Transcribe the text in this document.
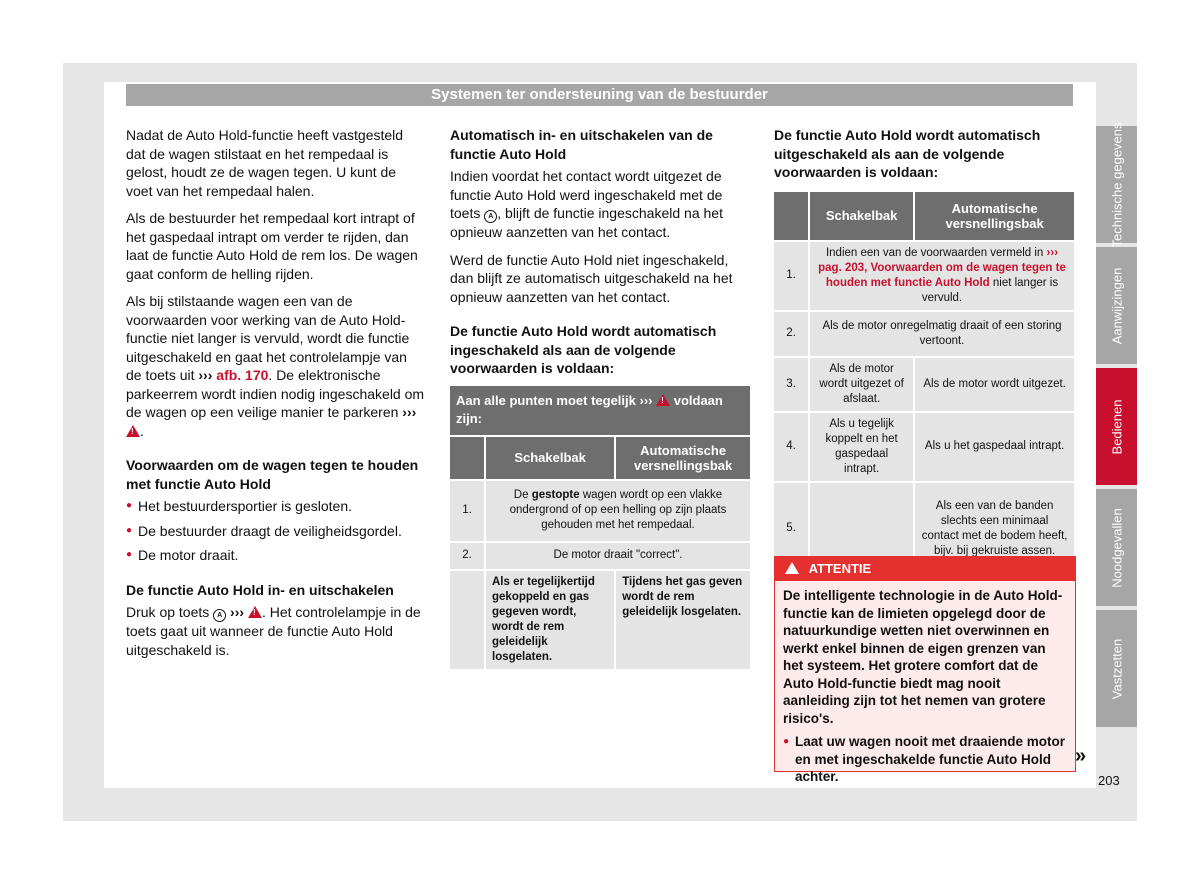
Systemen ter ondersteuning van de bestuurder

Nadat de Auto Hold-functie heeft vastgesteld dat de wagen stilstaat en het rempedaal is gelost, houdt ze de wagen tegen. U kunt de voet van het rempedaal halen.

Als de bestuurder het rempedaal kort intrapt of het gaspedaal intrapt om verder te rijden, dan laat de functie Auto Hold de rem los. De wagen gaat conform de helling rijden.

Als bij stilstaande wagen een van de voorwaarden voor werking van de Auto Hold-functie niet langer is vervuld, wordt die functie uitgeschakeld en gaat het controlelampje van de toets uit ››› afb. 170. De elektronische parkeerrem wordt indien nodig ingeschakeld om de wagen op een veilige manier te parkeren ››› !.

Voorwaarden om de wagen tegen te houden met functie Auto Hold
● Het bestuurdersportier is gesloten.
● De bestuurder draagt de veiligheidsgordel.
● De motor draait.
De functie Auto Hold in- en uitschakelen

Druk op toets A ››› ! . Het controlelampje in de toets gaat uit wanneer de functie Auto Hold uitgeschakeld is.

Automatisch in- en uitschakelen van de functie Auto Hold

Indien voordat het contact wordt uitgezet de functie Auto Hold werd ingeschakeld met de toets A , blijft de functie ingeschakeld na het opnieuw aanzetten van het contact.

Werd de functie Auto Hold niet ingeschakeld, dan blijft ze automatisch uitgeschakeld na het opnieuw aanzetten van het contact.

De functie Auto Hold wordt automatisch ingeschakeld als aan de volgende voorwaarden is voldaan:
Aan alle punten moet tegelijk ››› ! voldaan zijn:
	Schakelbak	Automatische versnellingsbak
1.	De gestopte wagen wordt op een vlakke ondergrond of op een helling op zijn plaats gehouden met het rempedaal.	
2.	De motor draait "correct".	
	Als er tegelijkertijd gekoppeld en gas gegeven wordt, wordt de rem geleidelijk losgelaten.	Tijdens het gas geven wordt de rem geleidelijk losgelaten.
De functie Auto Hold wordt automatisch uitgeschakeld als aan de volgende voorwaarden is voldaan:
	Schakelbak	Automatische versnellingsbak
1.	Indien een van de voorwaarden vermeld in ››› pag. 203, Voorwaarden om de wagen tegen te houden met functie Auto Hold niet langer is vervuld.	
2.	Als de motor onregelmatig draait of een storing vertoont.	
3.	Als de motor wordt uitgezet of afslaat.	Als de motor wordt uitgezet.
4.	Als u tegelijk koppelt en het gaspedaal intrapt.	Als u het gaspedaal intrapt.
5.		Als een van de banden slechts een minimaal contact met de bodem heeft, bijv. bij gekruiste assen.
! ATTENTIE
De intelligente technologie in de Auto Hold-functie kan de limieten opgelegd door de natuurkundige wetten niet overwinnen en werkt enkel binnen de eigen grenzen van het systeem. Het grotere comfort dat de Auto Hold-functie biedt mag nooit aanleiding zijn tot het nemen van grotere risico's.
● Laat uw wagen nooit met draaiende motor en met ingeschakelde functie Auto Hold achter.
»
Technische gegevens
Aanwijzingen
Bedienen
Noodgevallen
Vastzetten
203
